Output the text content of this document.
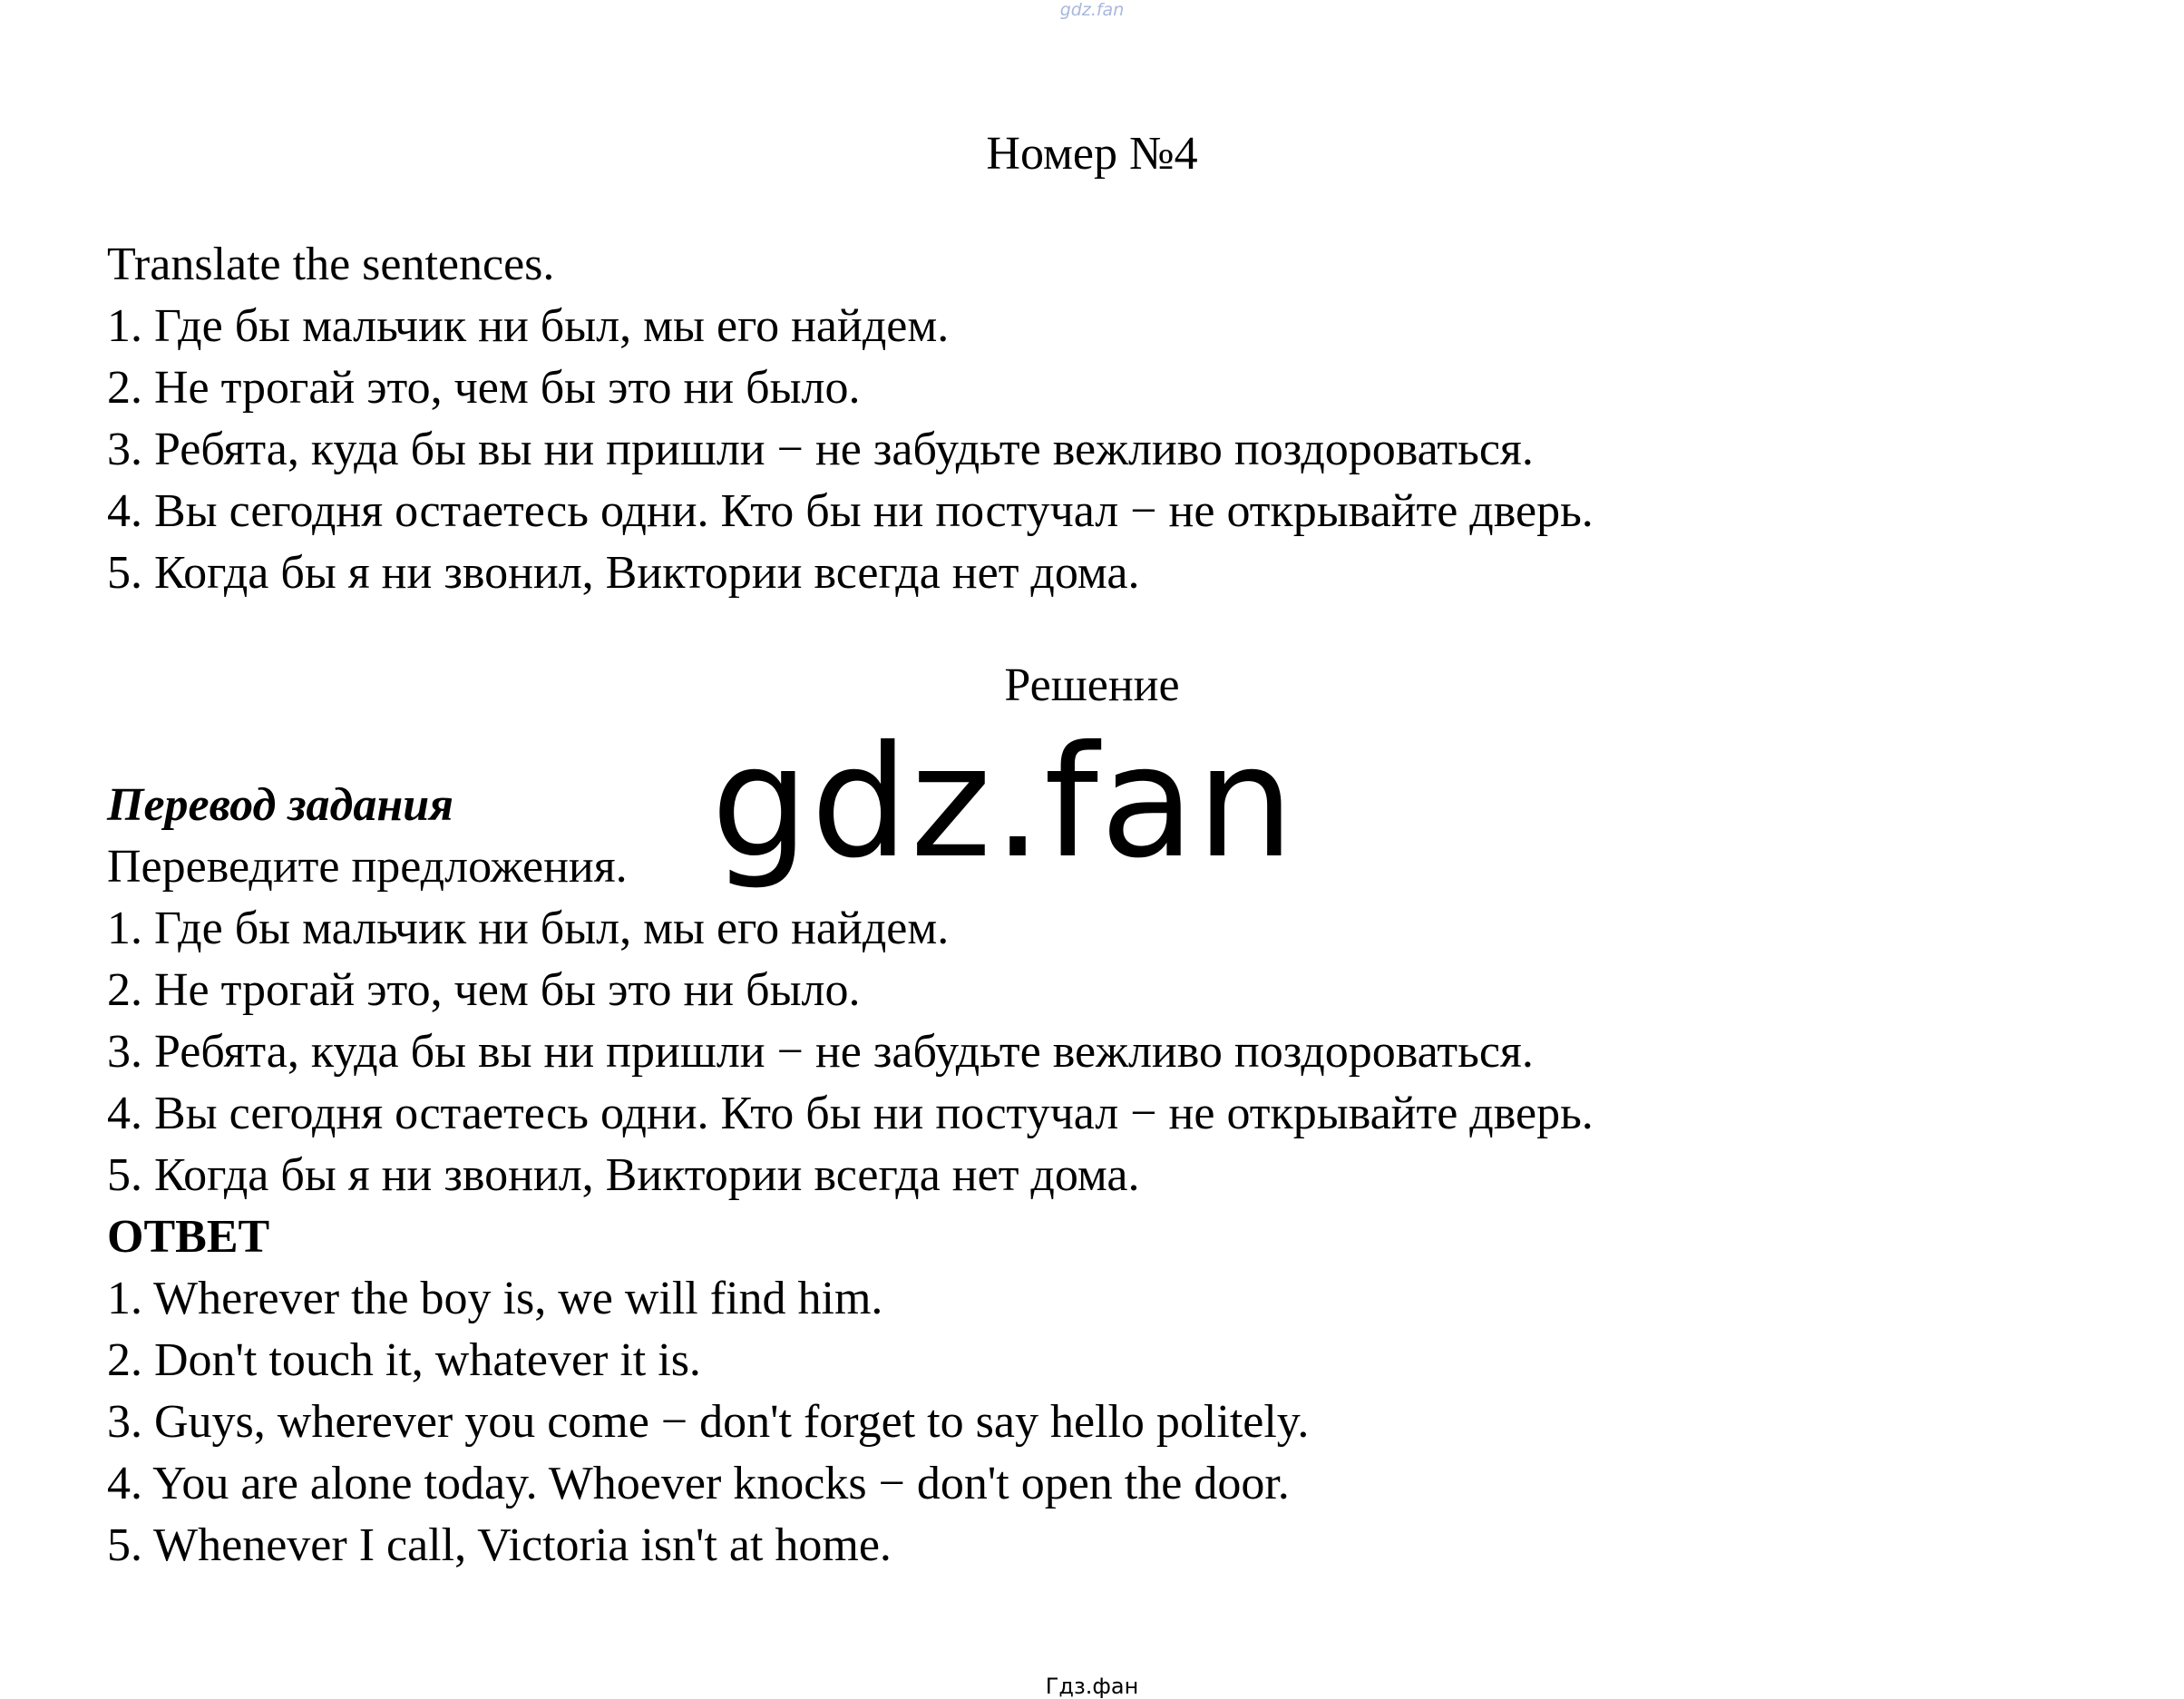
gdz.fan
Номер №4
Translate the sentences.
1. Где бы мальчик ни был, мы его найдем.
2. Не трогай это, чем бы это ни было.
3. Ребята, куда бы вы ни пришли − не забудьте вежливо поздороваться.
4. Вы сегодня остаетесь одни. Кто бы ни постучал − не открывайте дверь.
5. Когда бы я ни звонил, Виктории всегда нет дома.
Решение
Перевод задания
Переведите предложения.
1. Где бы мальчик ни был, мы его найдем.
2. Не трогай это, чем бы это ни было.
3. Ребята, куда бы вы ни пришли − не забудьте вежливо поздороваться.
4. Вы сегодня остаетесь одни. Кто бы ни постучал − не открывайте дверь.
5. Когда бы я ни звонил, Виктории всегда нет дома.
ОТВЕТ
1. Wherever the boy is, we will find him.
2. Don't touch it, whatever it is.
3. Guys, wherever you come − don't forget to say hello politely.
4. You are alone today. Whoever knocks − don't open the door.
5. Whenever I call, Victoria isn't at home.
gdz.fan
Гдз.фан
